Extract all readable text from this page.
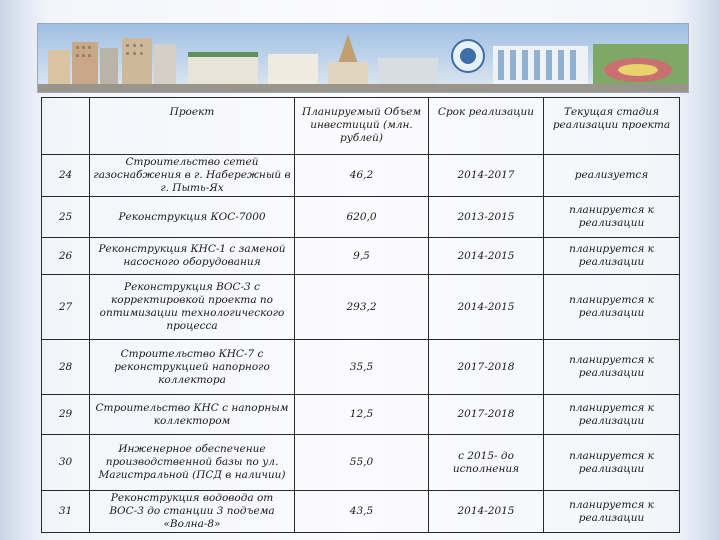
	Проект	Планируемый Объем инвестиций (млн. рублей)	Срок реализации	Текущая стадия реализации проекта
24	Строительство сетей газоснабжения в г. Набережный в г. Пыть-Ях	46,2	2014-2017	реализуется
25	Реконструкция КОС-7000	620,0	2013-2015	планируется к реализации
26	Реконструкция КНС-1 с заменой насосного оборудования	9,5	2014-2015	планируется к реализации
27	Реконструкция ВОС-3 с корректировкой проекта по оптимизации технологического процесса	293,2	2014-2015	планируется к реализации
28	Строительство КНС-7 с реконструкцией напорного коллектора	35,5	2017-2018	планируется к реализации
29	Строительство КНС с напорным коллектором	12,5	2017-2018	планируется к реализации
30	Инженерное обеспечение производственной базы по ул. Магистральной (ПСД в наличии)	55,0	с 2015- до исполнения	планируется к реализации
31	Реконструкция водовода от ВОС-3 до станции 3 подъема «Волна-8»	43,5	2014-2015	планируется к реализации
